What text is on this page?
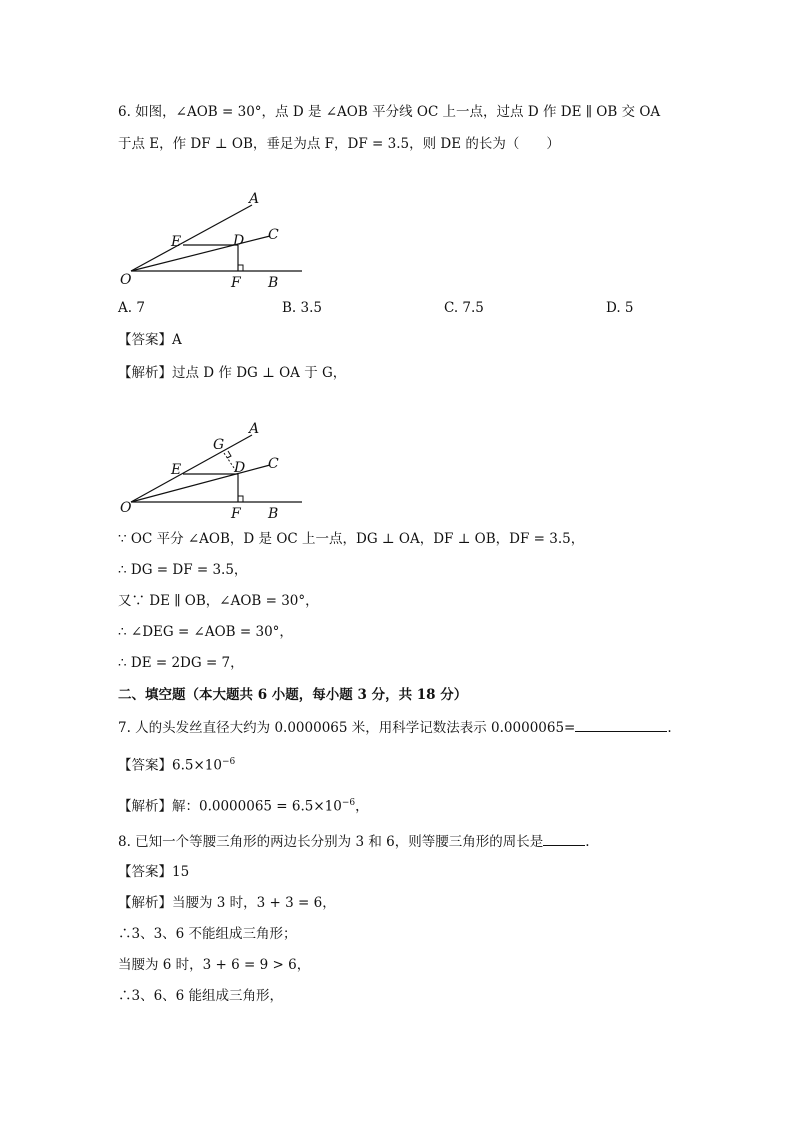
6. 如图，∠AOB = 30°，点 D 是 ∠AOB 平分线 OC 上一点，过点 D 作 DE ∥ OB 交 OA
于点 E，作 DF ⊥ OB，垂足为点 F，DF = 3.5，则 DE 的长为（　　）
A
C
E	D
O	F B
A. 7	B. 3.5	C. 7.5	D. 5
【答案】A
【解析】过点 D 作 DG ⊥ OA 于 G，
A
G
C
E	D
O	F B
∵ OC 平分 ∠AOB，D 是 OC 上一点，DG ⊥ OA，DF ⊥ OB，DF = 3.5，
∴ DG = DF = 3.5，
又∵ DE ∥ OB，∠AOB = 30°，
∴ ∠DEG = ∠AOB = 30°，
∴ DE = 2DG = 7，
二、填空题（本大题共 6 小题，每小题 3 分，共 18 分）
7. 人的头发丝直径大约为 0.0000065 米，用科学记数法表示 0.0000065=	.
【答案】$6.5\times 10^{-6}$
【解析】解：$0.0000065 = 6.5\times 10^{-6}$，
8. 已知一个等腰三角形的两边长分别为 3 和 6，则等腰三角形的周长是	.
【答案】15
【解析】当腰为 3 时，3 + 3 = 6，
∴3、3、6 不能组成三角形；
当腰为 6 时，3 + 6 = 9 > 6，
∴3、6、6 能组成三角形，
